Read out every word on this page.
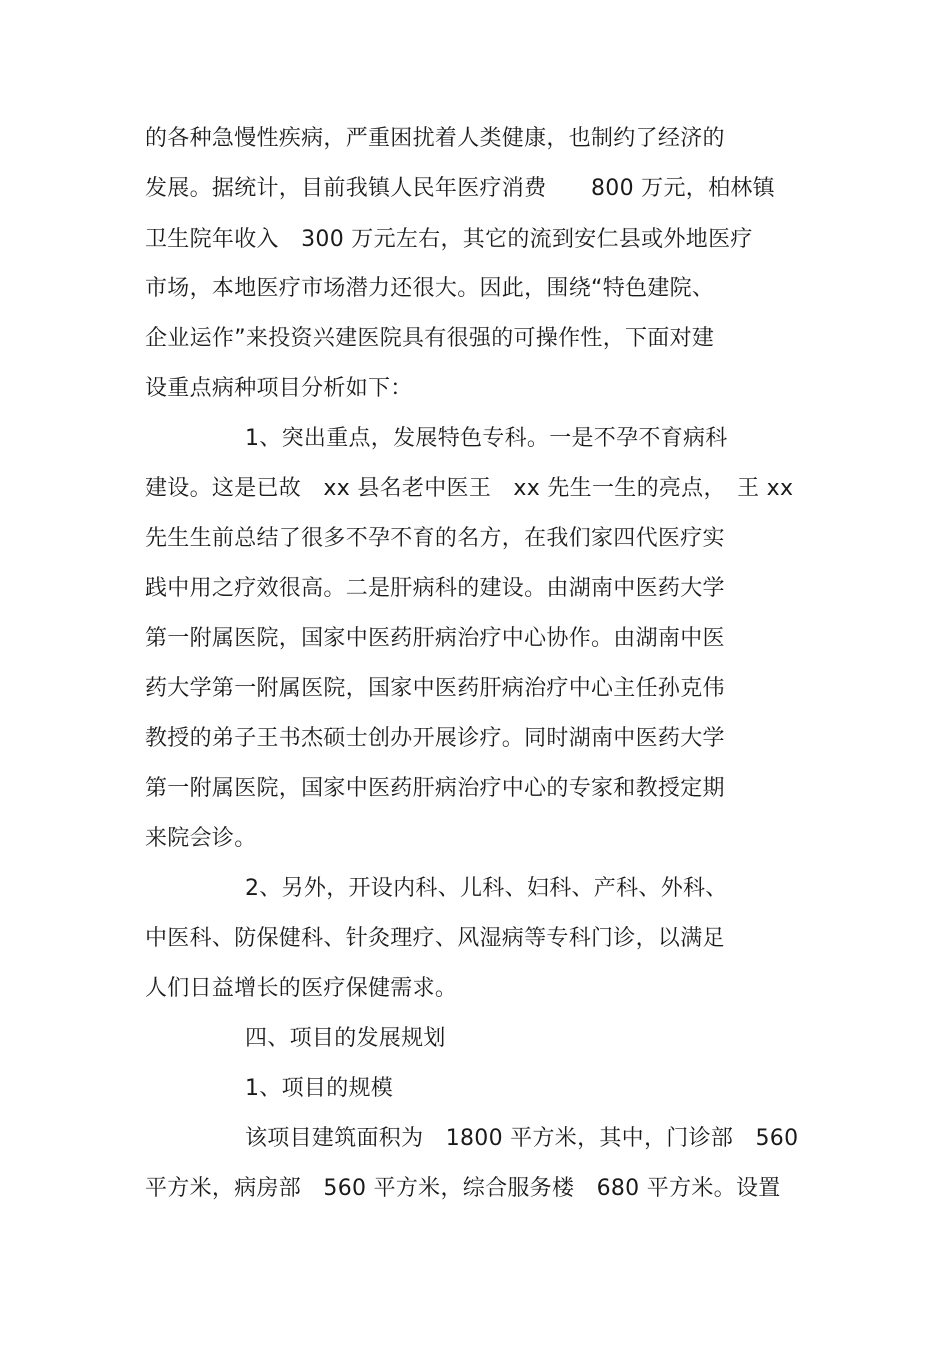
的各种急慢性疾病，严重困扰着人类健康，也制约了经济的
发展。据统计，目前我镇人民年医疗消费　　800 万元，柏林镇
卫生院年收入　300 万元左右，其它的流到安仁县或外地医疗
市场，本地医疗市场潜力还很大。因此，围绕“特色建院、
企业运作”来投资兴建医院具有很强的可操作性，下面对建
设重点病种项目分析如下：
1、突出重点，发展特色专科。一是不孕不育病科
建设。这是已故　xx 县名老中医王　xx 先生一生的亮点，　王 xx
先生生前总结了很多不孕不育的名方，在我们家四代医疗实
践中用之疗效很高。二是肝病科的建设。由湖南中医药大学
第一附属医院，国家中医药肝病治疗中心协作。由湖南中医
药大学第一附属医院，国家中医药肝病治疗中心主任孙克伟
教授的弟子王书杰硕士创办开展诊疗。同时湖南中医药大学
第一附属医院，国家中医药肝病治疗中心的专家和教授定期
来院会诊。
2、另外，开设内科、儿科、妇科、产科、外科、
中医科、防保健科、针灸理疗、风湿病等专科门诊，以满足
人们日益增长的医疗保健需求。
四、项目的发展规划
1、项目的规模
该项目建筑面积为　1800 平方米，其中，门诊部　560
平方米，病房部　560 平方米，综合服务楼　680 平方米。设置
